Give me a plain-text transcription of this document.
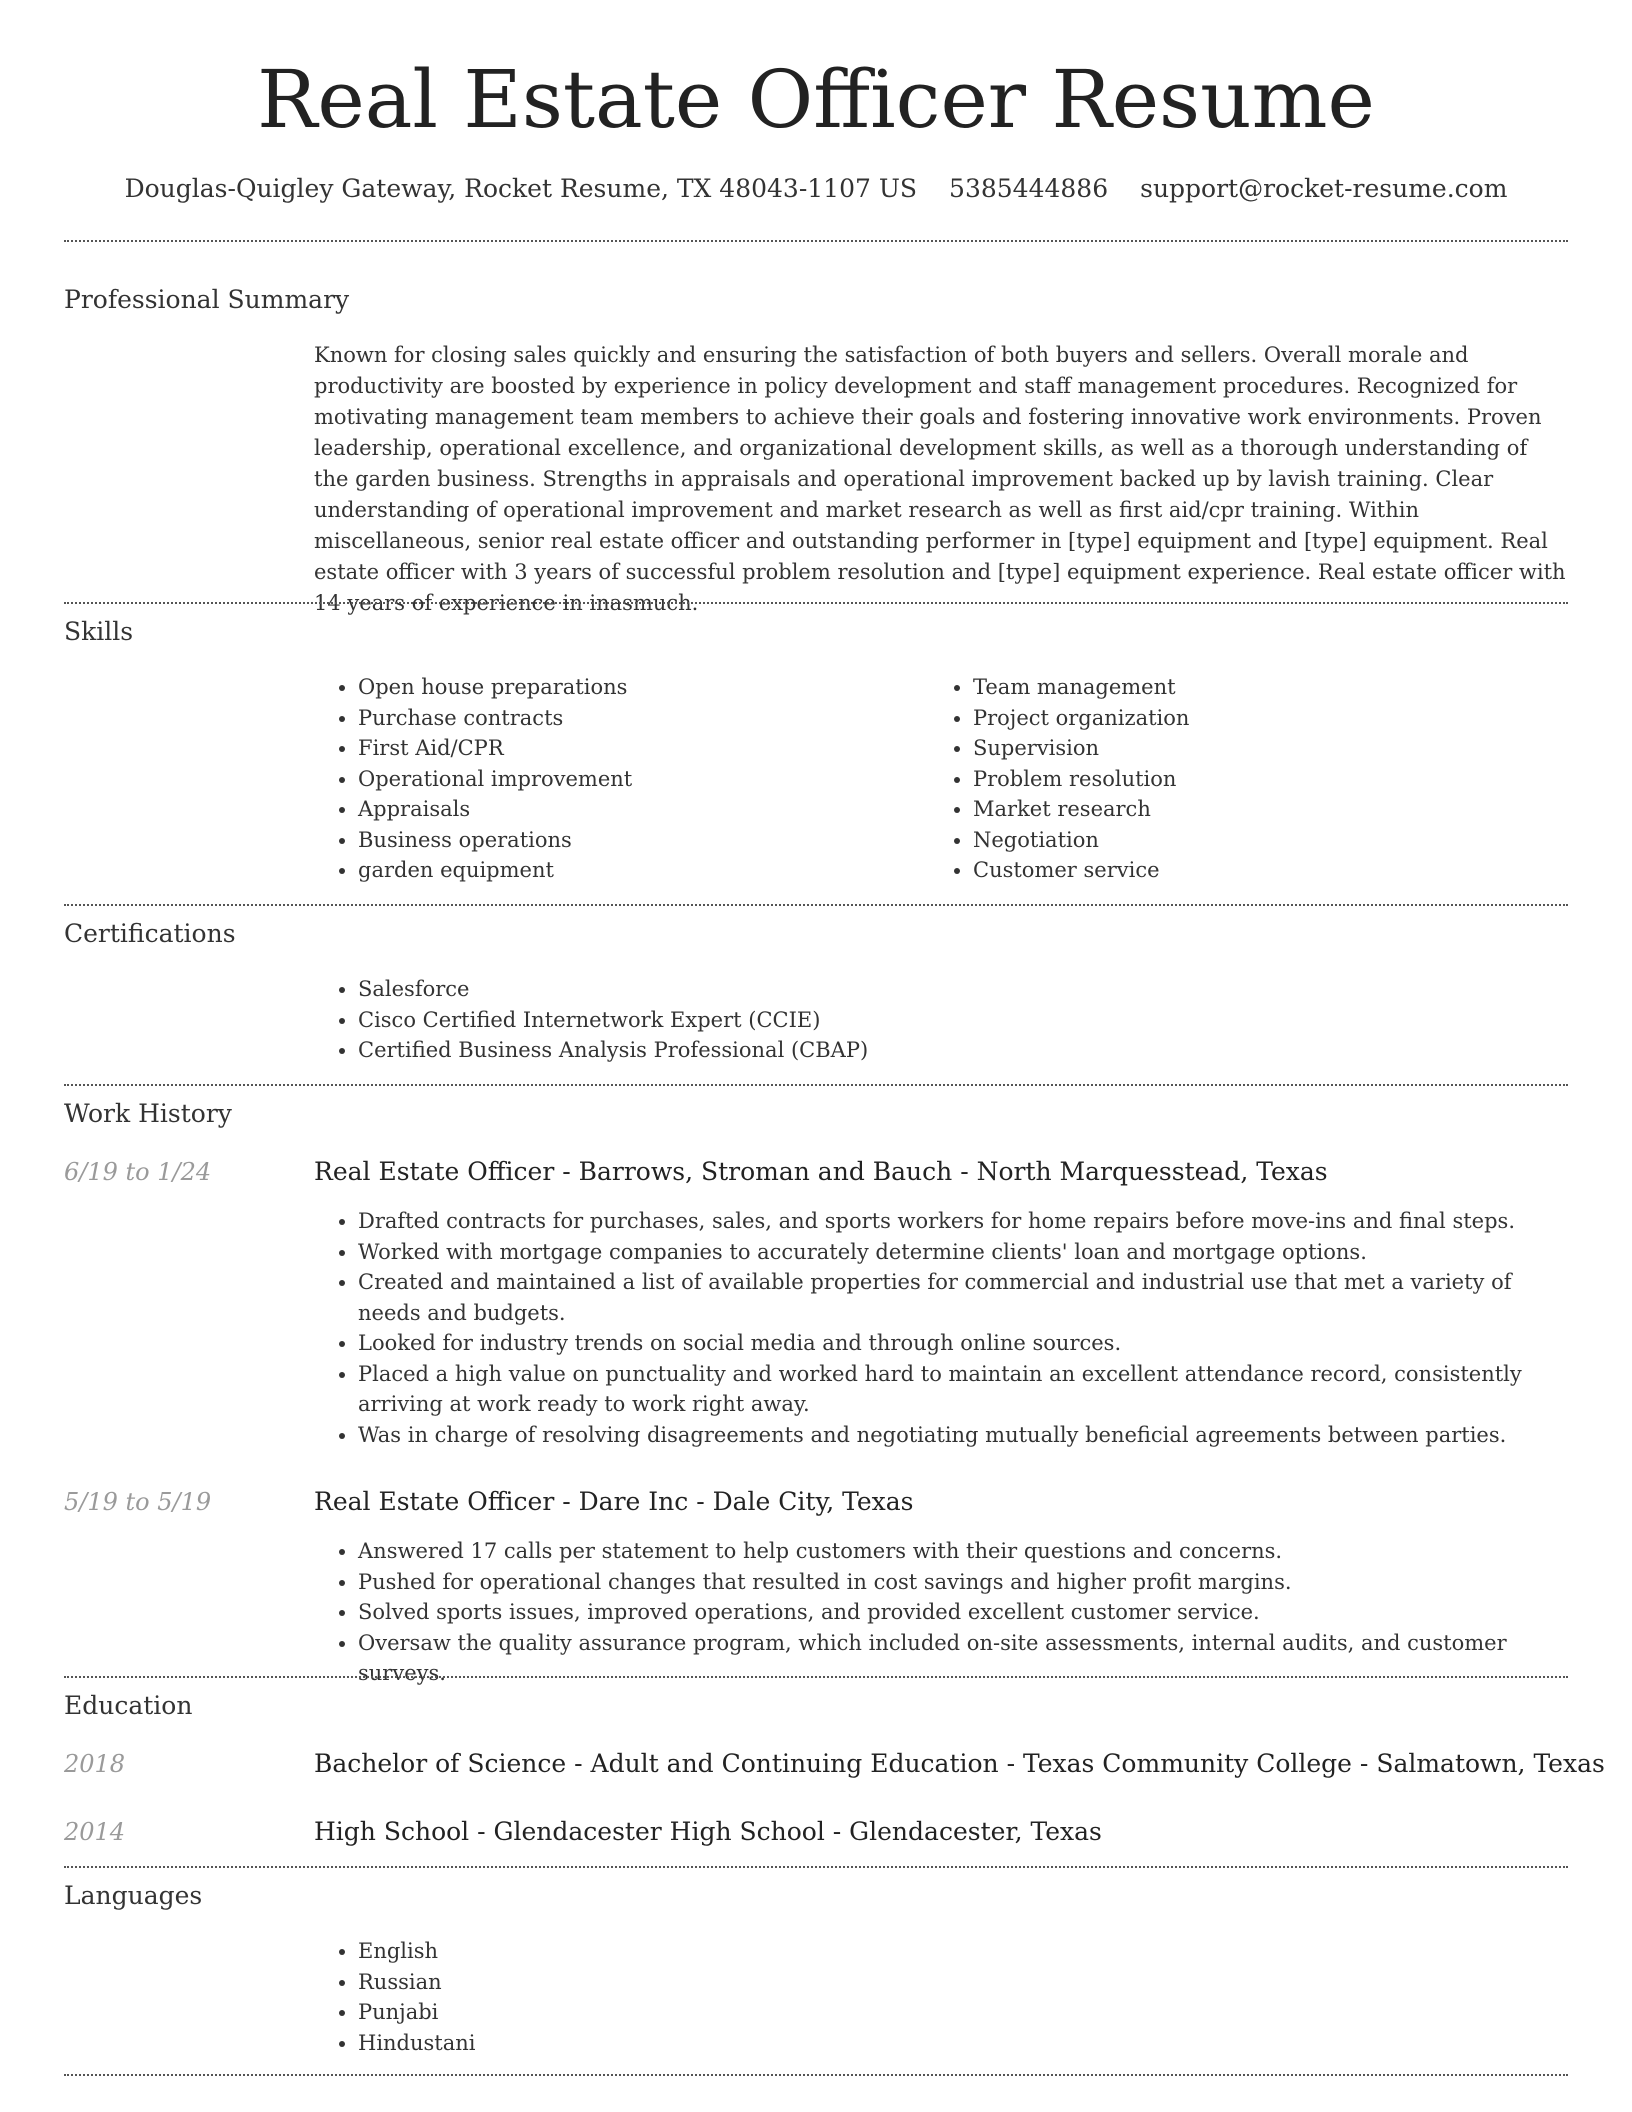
Real Estate Officer Resume
Douglas-Quigley Gateway, Rocket Resume, TX 48043-1107 US 5385444886 support@rocket-resume.com
Professional Summary
Known for closing sales quickly and ensuring the satisfaction of both buyers and sellers. Overall morale and productivity are boosted by experience in policy development and staff management procedures. Recognized for motivating management team members to achieve their goals and fostering innovative work environments. Proven leadership, operational excellence, and organizational development skills, as well as a thorough understanding of the garden business. Strengths in appraisals and operational improvement backed up by lavish training. Clear understanding of operational improvement and market research as well as first aid/cpr training. Within miscellaneous, senior real estate officer and outstanding performer in [type] equipment and [type] equipment. Real estate officer with 3 years of successful problem resolution and [type] equipment experience. Real estate officer with 14 years of experience in inasmuch.
Skills
• Open house preparations
• Purchase contracts
• First Aid/CPR
• Operational improvement
• Appraisals
• Business operations
• garden equipment
• Team management
• Project organization
• Supervision
• Problem resolution
• Market research
• Negotiation
• Customer service
Certifications
• Salesforce
• Cisco Certified Internetwork Expert (CCIE)
• Certified Business Analysis Professional (CBAP)
Work History
6/19 to 1/24	Real Estate Officer - Barrows, Stroman and Bauch - North Marquesstead, Texas
• Drafted contracts for purchases, sales, and sports workers for home repairs before move-ins and final steps.
• Worked with mortgage companies to accurately determine clients' loan and mortgage options.
• Created and maintained a list of available properties for commercial and industrial use that met a variety of needs and budgets.
• Looked for industry trends on social media and through online sources.
• Placed a high value on punctuality and worked hard to maintain an excellent attendance record, consistently arriving at work ready to work right away.
• Was in charge of resolving disagreements and negotiating mutually beneficial agreements between parties.
5/19 to 5/19	Real Estate Officer - Dare Inc - Dale City, Texas
• Answered 17 calls per statement to help customers with their questions and concerns.
• Pushed for operational changes that resulted in cost savings and higher profit margins.
• Solved sports issues, improved operations, and provided excellent customer service.
• Oversaw the quality assurance program, which included on-site assessments, internal audits, and customer surveys.
Education
2018	Bachelor of Science - Adult and Continuing Education - Texas Community College - Salmatown, Texas
2014	High School - Glendacester High School - Glendacester, Texas
Languages
• English
• Russian
• Punjabi
• Hindustani
